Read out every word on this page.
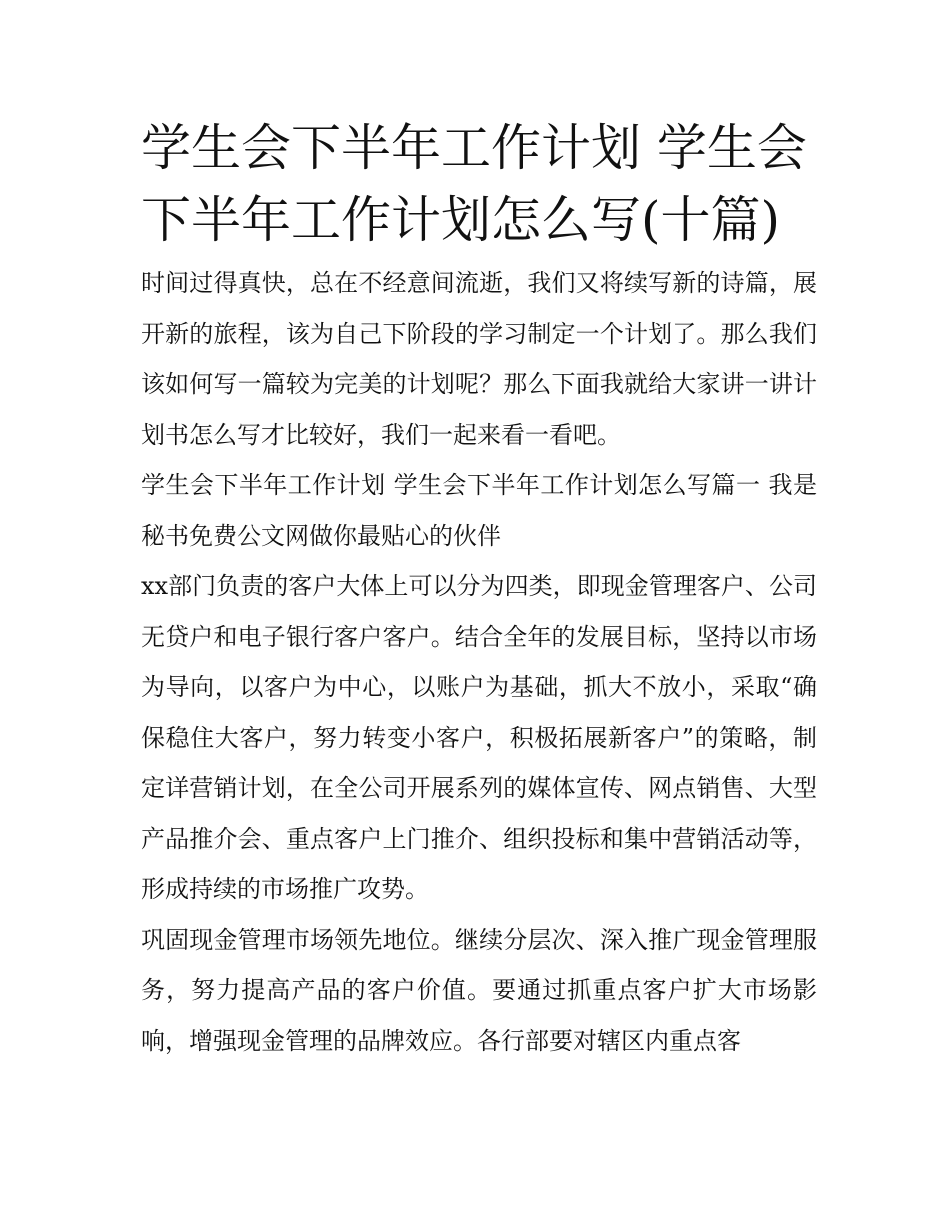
学生会下半年工作计划 学生会下半年工作计划怎么写(十篇)

时间过得真快，总在不经意间流逝，我们又将续写新的诗篇，展开新的旅程，该为自己下阶段的学习制定一个计划了。那么我们该如何写一篇较为完美的计划呢？那么下面我就给大家讲一讲计划书怎么写才比较好，我们一起来看一看吧。

学生会下半年工作计划 学生会下半年工作计划怎么写篇一 我是秘书免费公文网做你最贴心的伙伴

xx部门负责的客户大体上可以分为四类，即现金管理客户、公司无贷户和电子银行客户客户。结合全年的发展目标，坚持以市场为导向，以客户为中心，以账户为基础，抓大不放小，采取“确保稳住大客户，努力转变小客户，积极拓展新客户”的策略，制定详营销计划，在全公司开展系列的媒体宣传、网点销售、大型产品推介会、重点客户上门推介、组织投标和集中营销活动等，形成持续的市场推广攻势。

巩固现金管理市场领先地位。继续分层次、深入推广现金管理服务，努力提高产品的客户价值。要通过抓重点客户扩大市场影响，增强现金管理的品牌效应。各行部要对辖区内重点客
